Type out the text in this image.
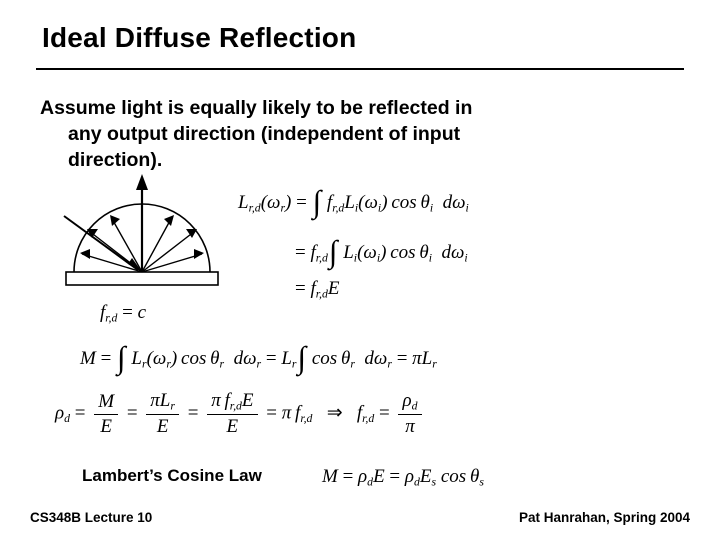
Ideal Diffuse Reflection
Assume light is equally likely to be reflected in
any output direction (independent of input
direction).
$L_{r,d}(\omega_r)$ = ∫ $f_{r,d}L_i(\omega_i)$  $\cos \theta_i$ $d\omega_i$
= $f_{r,d}\int$ $L_i(\omega_i)$  $\cos \theta_i$ $d\omega_i$
= $f_{r,d}E$
$f_{r,d} = c$
M = ∫ $L_r(\omega_r)$  $\cos \theta_r$ $d\omega_r = L_r\int$ $\cos \theta_r$ $d\omega_r = \pi L_r$
$\rho_d = \frac{M}{E} = \frac{\pi L_r}{E} = \frac{\pi f_{r,d}E}{E} = \pi$ $f_{r,d}$ ⇒   $f_{r,d} = \frac{\rho_d}{\pi}$
Lambert’s Cosine Law	$M = \rho_dE = \rho_dE_s$ $\cos \theta_s$
CS348B Lecture 10	Pat Hanrahan, Spring 2004
